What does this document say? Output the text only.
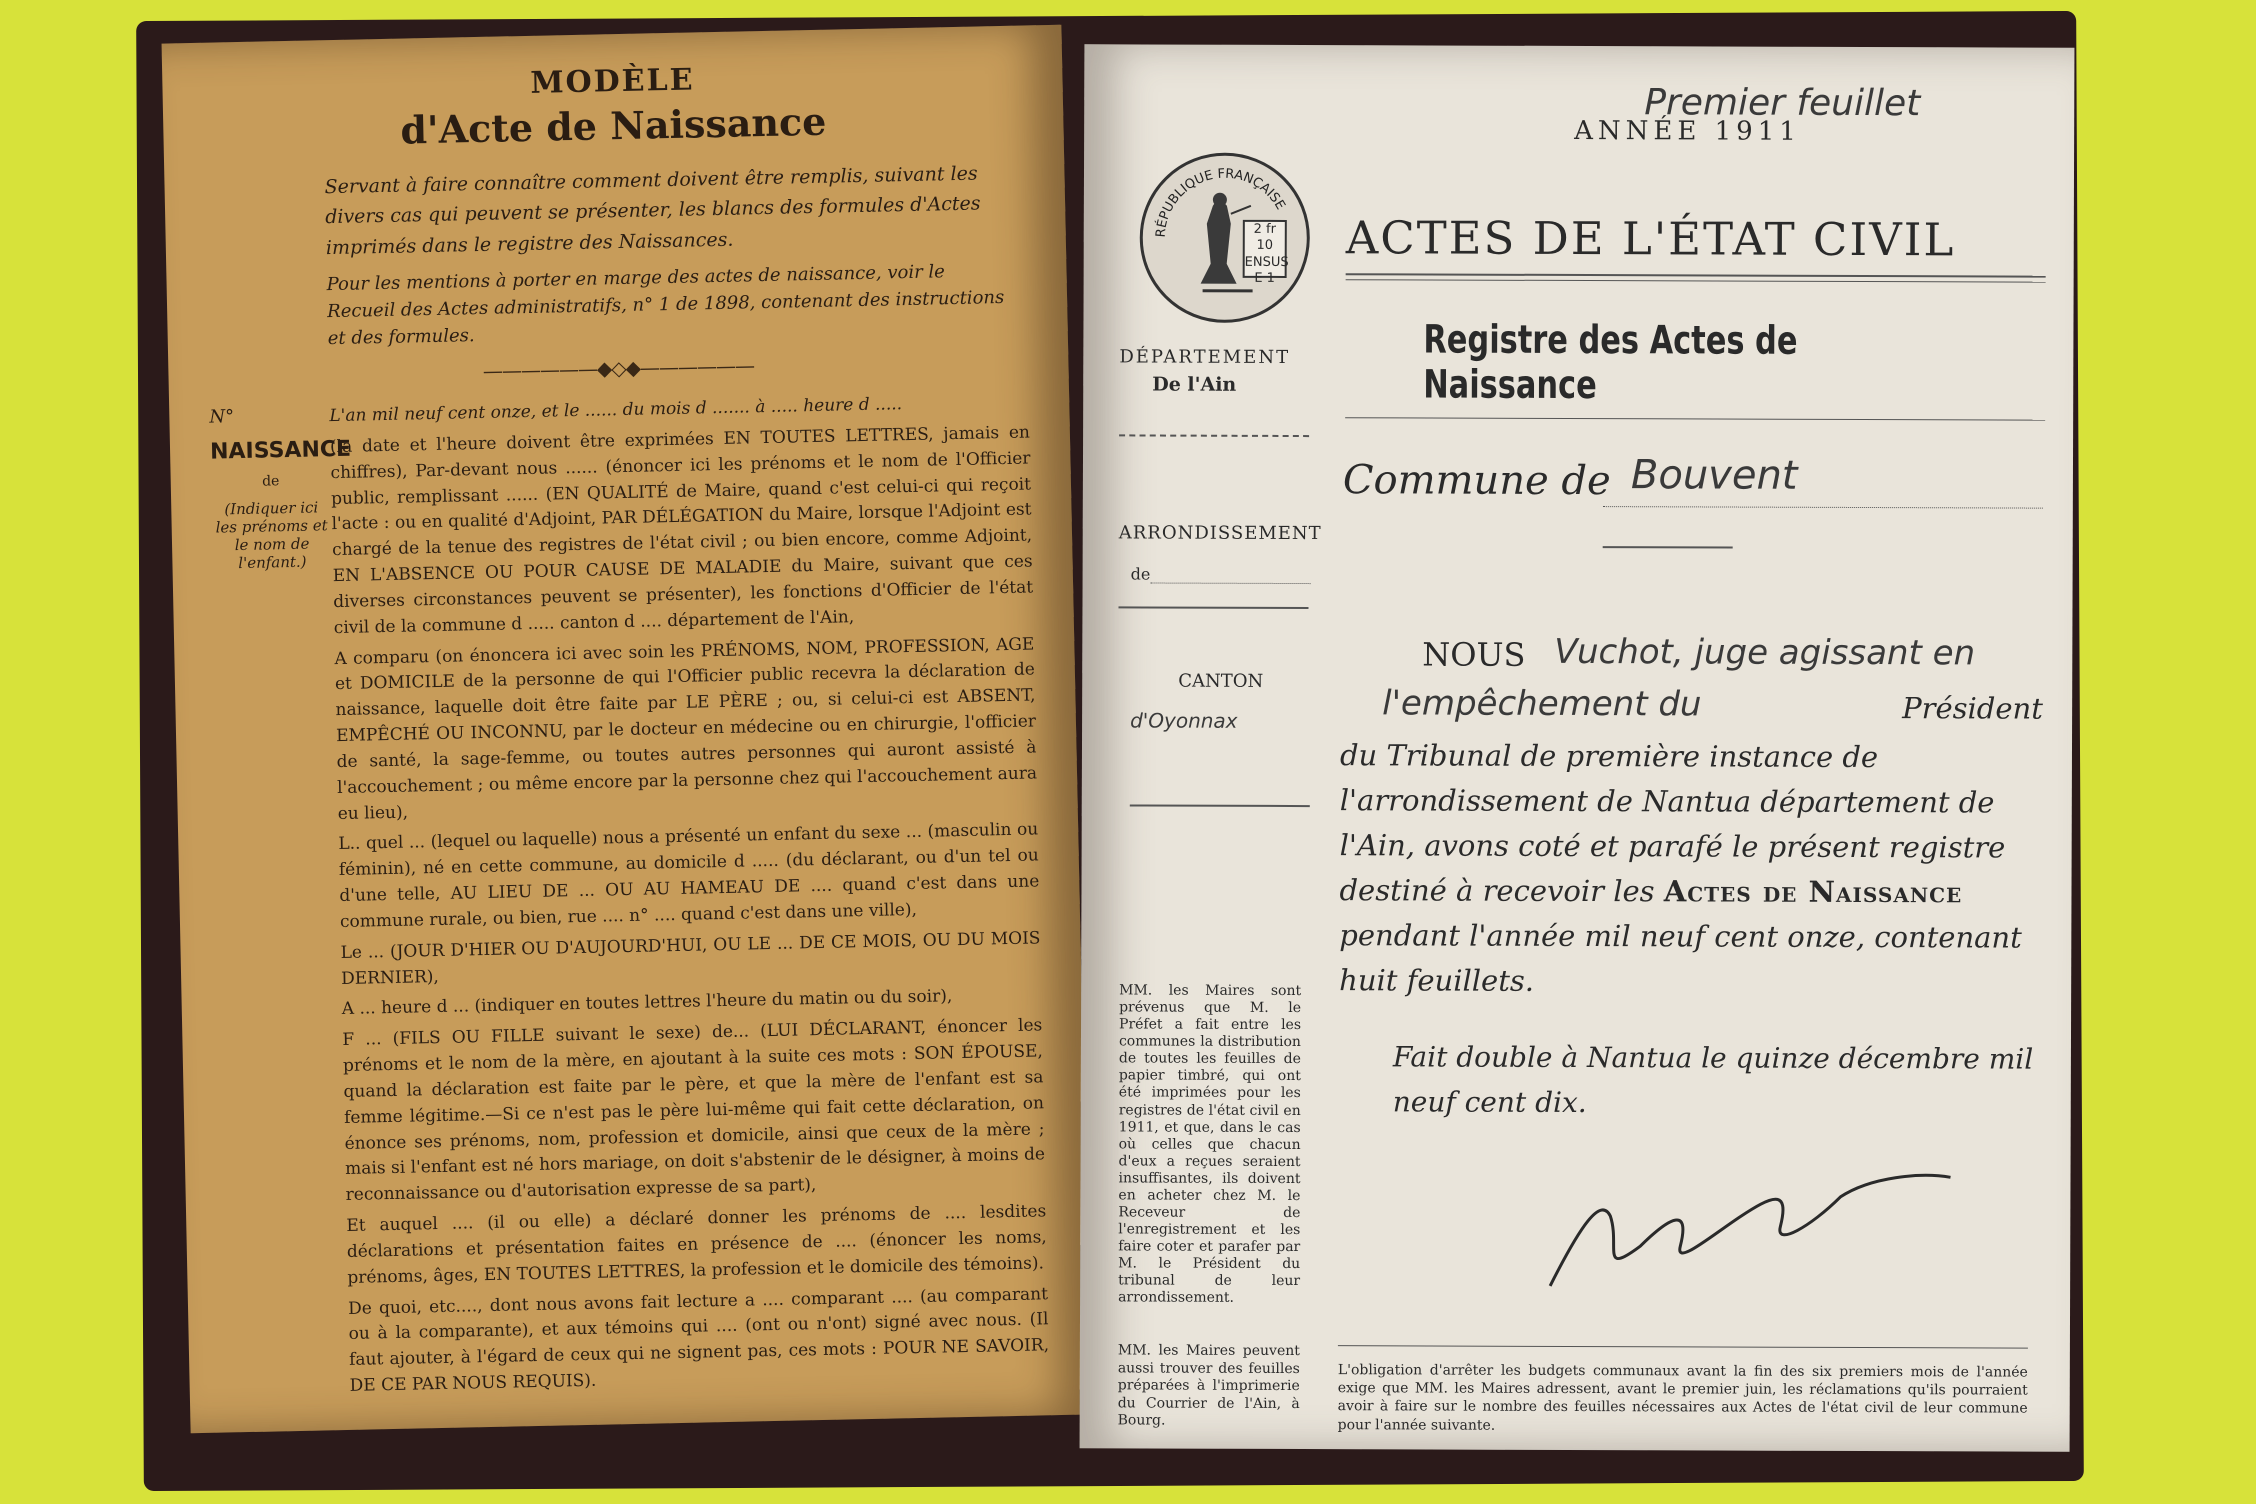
MODÈLE
d'Acte de Naissance
Servant à faire connaître comment doivent être remplis, suivant les divers cas qui peuvent se présenter, les blancs des formules d'Actes imprimés dans le registre des Naissances.
Pour les mentions à porter en marge des actes de naissance, voir le Recueil des Actes administratifs, n° 1 de 1898, contenant des instructions et des formules.
——————◆◇◆——————
N°
NAISSANCE
de
(Indiquer ici les prénoms et le nom de l'enfant.)

L'an mil neuf cent onze, et le ...... du mois d ....... à ..... heure d .....

(la date et l'heure doivent être exprimées EN TOUTES LETTRES, jamais en chiffres), Par-devant nous ...... (énoncer ici les prénoms et le nom de l'Officier public, remplissant ...... (EN QUALITÉ de Maire, quand c'est celui-ci qui reçoit l'acte : ou en qualité d'Adjoint, PAR DÉLÉGATION du Maire, lorsque l'Adjoint est chargé de la tenue des registres de l'état civil ; ou bien encore, comme Adjoint, EN L'ABSENCE OU POUR CAUSE DE MALADIE du Maire, suivant que ces diverses circonstances peuvent se présenter), les fonctions d'Officier de l'état civil de la commune d ..... canton d .... département de l'Ain,

A comparu (on énoncera ici avec soin les PRÉNOMS, NOM, PROFESSION, AGE et DOMICILE de la personne de qui l'Officier public recevra la déclaration de naissance, laquelle doit être faite par LE PÈRE ; ou, si celui-ci est ABSENT, EMPÊCHÉ OU INCONNU, par le docteur en médecine ou en chirurgie, l'officier de santé, la sage-femme, ou toutes autres personnes qui auront assisté à l'accouchement ; ou même encore par la personne chez qui l'accouchement aura eu lieu),

L.. quel ... (lequel ou laquelle) nous a présenté un enfant du sexe ... (masculin ou féminin), né en cette commune, au domicile d ..... (du déclarant, ou d'un tel ou d'une telle, AU LIEU DE ... OU AU HAMEAU DE .... quand c'est dans une commune rurale, ou bien, rue .... n° .... quand c'est dans une ville),

Le ... (JOUR D'HIER OU D'AUJOURD'HUI, OU LE ... DE CE MOIS, OU DU MOIS DERNIER),

A ... heure d ... (indiquer en toutes lettres l'heure du matin ou du soir),

F ... (FILS OU FILLE suivant le sexe) de... (LUI DÉCLARANT, énoncer les prénoms et le nom de la mère, en ajoutant à la suite ces mots : SON ÉPOUSE, quand la déclaration est faite par le père, et que la mère de l'enfant est sa femme légitime.—Si ce n'est pas le père lui-même qui fait cette déclaration, on énonce ses prénoms, nom, profession et domicile, ainsi que ceux de la mère ; mais si l'enfant est né hors mariage, on doit s'abstenir de le désigner, à moins de reconnaissance ou d'autorisation expresse de sa part),

Et auquel .... (il ou elle) a déclaré donner les prénoms de .... lesdites déclarations et présentation faites en présence de .... (énoncer les noms, prénoms, âges, EN TOUTES LETTRES, la profession et le domicile des témoins).

De quoi, etc...., dont nous avons fait lecture a .... comparant .... (au comparant ou à la comparante), et aux témoins qui .... (ont ou n'ont) signé avec nous. (Il faut ajouter, à l'égard de ceux qui ne signent pas, ces mots : POUR NE SAVOIR, DE CE PAR NOUS REQUIS).

Premier feuillet
ANNÉE 1911
RÉPUBLIQUE FRANÇAISE
2 fr 10 ENSUS E 1
ACTES DE L'ÉTAT CIVIL
Registre des Actes de Naissance
DÉPARTEMENT
De l'Ain
ARRONDISSEMENT
de
CANTON
d'Oyonnax
Commune de Bouvent
NOUS Vuchot, juge agissant en
l'empêchement du	Président
du Tribunal de première instance de l'arrondissement de Nantua département de l'Ain, avons coté et parafé le présent registre destiné à recevoir les Actes de Naissance pendant l'année mil neuf cent onze, contenant huit feuillets.
Fait double à Nantua le quinze décembre mil neuf cent dix.
MM. les Maires sont prévenus que M. le Préfet a fait entre les communes la distribution de toutes les feuilles de papier timbré, qui ont été imprimées pour les registres de l'état civil en 1911, et que, dans le cas où celles que chacun d'eux a reçues seraient insuffisantes, ils doivent en acheter chez M. le Receveur de l'enregistrement et les faire coter et parafer par M. le Président du tribunal de leur arrondissement.
MM. les Maires peuvent aussi trouver des feuilles préparées à l'imprimerie du Courrier de l'Ain, à Bourg.
L'obligation d'arrêter les budgets communaux avant la fin des six premiers mois de l'année exige que MM. les Maires adressent, avant le premier juin, les réclamations qu'ils pourraient avoir à faire sur le nombre des feuilles nécessaires aux Actes de l'état civil de leur commune pour l'année suivante.
